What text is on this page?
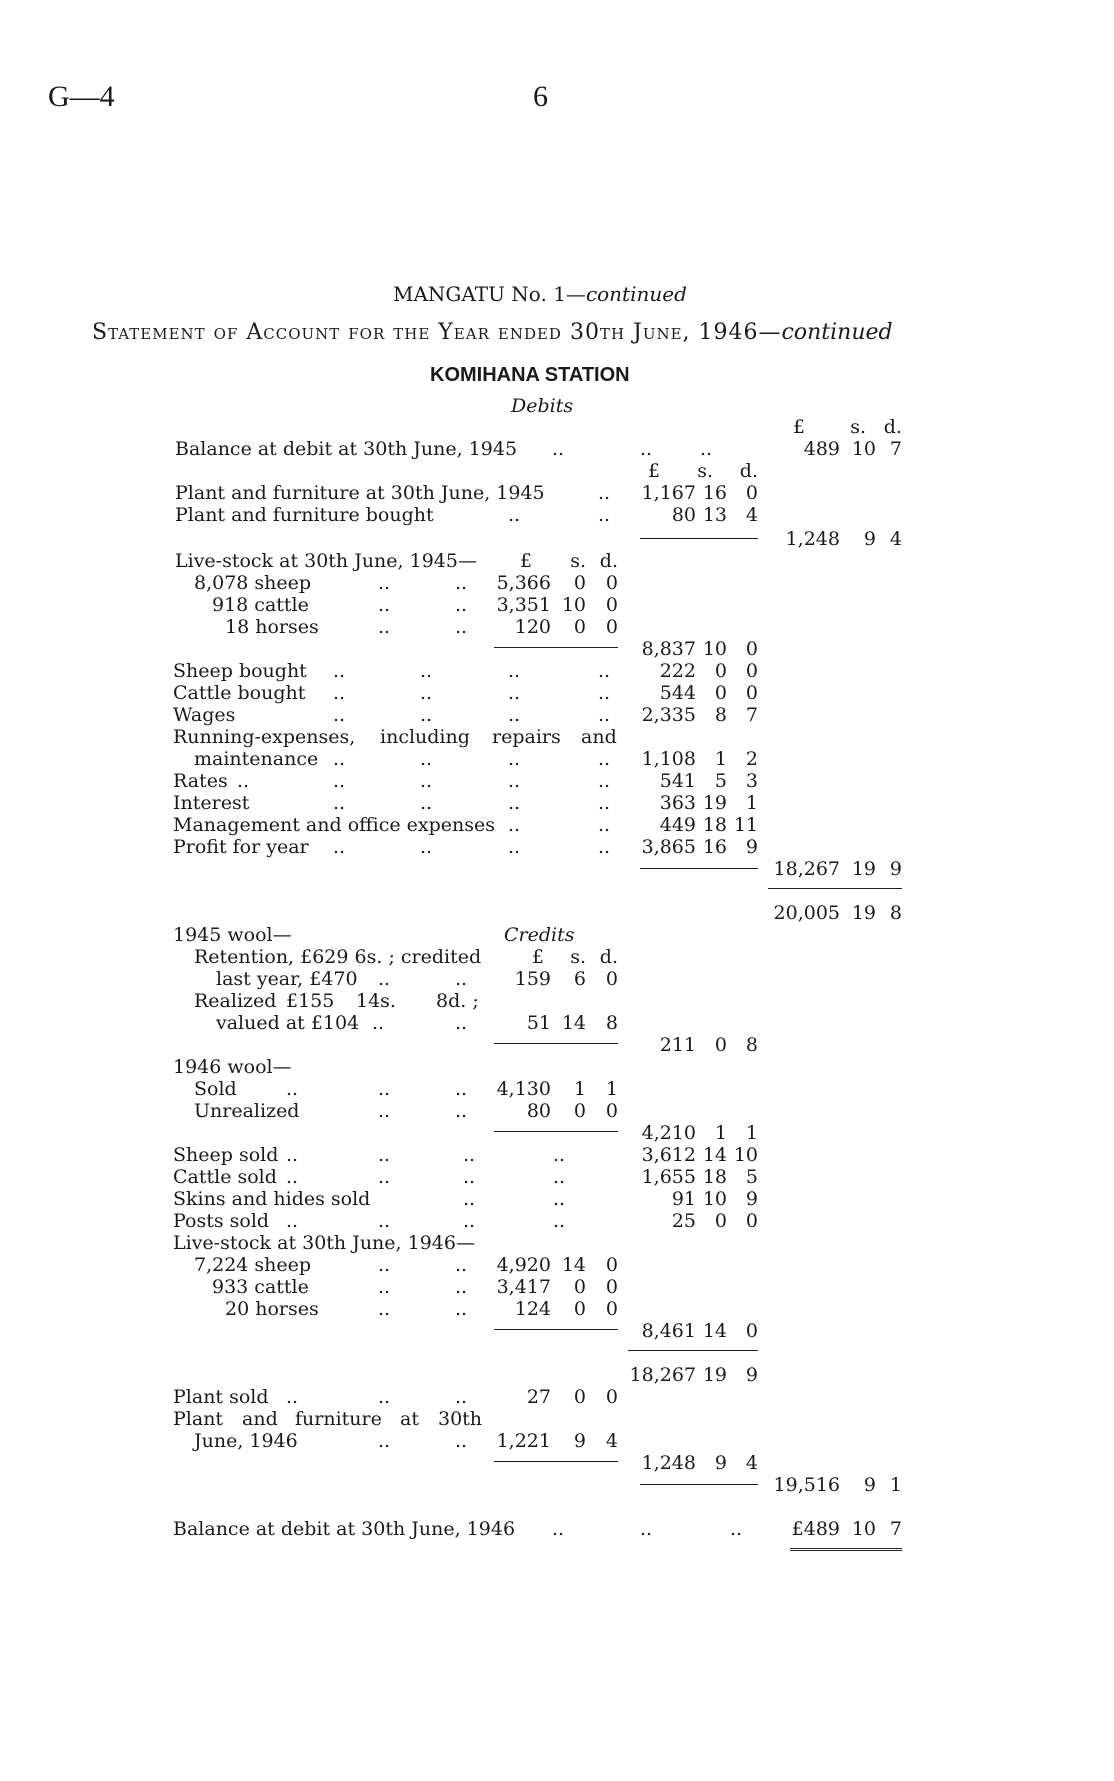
G—4	6
MANGATU No. 1—continued
Statement of Account for the Year ended 30th June, 1946—continued
KOMIHANA STATION
Debits
£	s. d.
Balance at debit at 30th June, 1945 ..	..	..	489 10 7
£	s.	d.
Plant and furniture at 30th June, 1945	..	1,167 16 0
Plant and furniture bought	..	..	80 13 4
1,248	9 4
Live-stock at 30th June, 1945—	£	s. d.
8,078 sheep	..	..	5,366	0	0
918 cattle	..	..	3,351 10	0
18 horses	..	..	120	0	0
8,837 10 0
Sheep bought ..	..	..	..	222 0 0
Cattle bought ..	..	..	..	544 0 0
Wages	..	..	..	..	2,335 8 7
Running-expenses, including repairs and
maintenance ..	..	..	..	1,108 1 2
Rates ..	..	..	..	..	541 5 3
Interest	..	..	..	..	363 19 1
Management and office expenses ..	..	449 18 11
Profit for year ..	..	..	..	3,865 16 9
18,267 19 9
20,005 19 8
1945 wool—	Credits
Retention, £629 6s. ; credited	£	s. d.
last year, £470 ..	..	159	6	0
Realized £155 14s. 8d. ;
valued at £104 ..	..	51 14	8
211 0 8
1946 wool—
Sold	..	..	..	4,130	1	1
Unrealized	..	..	80	0	0
4,210 1 1
Sheep sold ..	..	..	..	3,612 14 10
Cattle sold ..	..	..	..	1,655 18 5
Skins and hides sold	..	..	91 10 9
Posts sold ..	..	..	..	25 0 0
Live-stock at 30th June, 1946—
7,224 sheep	..	..	4,920 14	0
933 cattle	..	..	3,417	0	0
20 horses	..	..	124	0	0
8,461 14 0
18,267 19 9
Plant sold ..	..	..	27	0	0
Plant and furniture at 30th
June, 1946	..	..	1,221	9	4
1,248 9 4
19,516	9 1
Balance at debit at 30th June, 1946 ..	..	..	£489 10 7
